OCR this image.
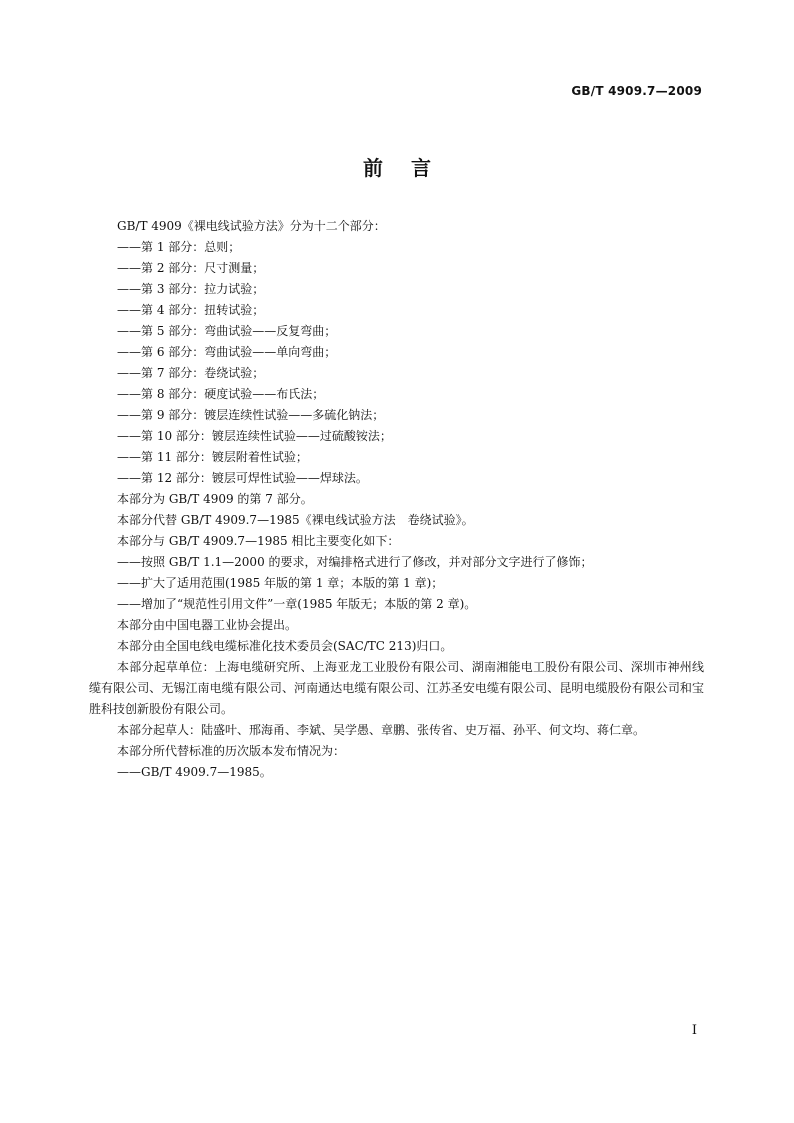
GB/T 4909.7—2009
前言
GB/T 4909《裸电线试验方法》分为十二个部分：
——第 1 部分：总则；
——第 2 部分：尺寸测量；
——第 3 部分：拉力试验；
——第 4 部分：扭转试验；
——第 5 部分：弯曲试验——反复弯曲；
——第 6 部分：弯曲试验——单向弯曲；
——第 7 部分：卷绕试验；
——第 8 部分：硬度试验——布氏法；
——第 9 部分：镀层连续性试验——多硫化钠法；
——第 10 部分：镀层连续性试验——过硫酸铵法；
——第 11 部分：镀层附着性试验；
——第 12 部分：镀层可焊性试验——焊球法。
本部分为 GB/T 4909 的第 7 部分。
本部分代替 GB/T 4909.7—1985《裸电线试验方法　卷绕试验》。
本部分与 GB/T 4909.7—1985 相比主要变化如下：
——按照 GB/T 1.1—2000 的要求，对编排格式进行了修改，并对部分文字进行了修饰；
——扩大了适用范围(1985 年版的第 1 章；本版的第 1 章)；
——增加了“规范性引用文件”一章(1985 年版无；本版的第 2 章)。
本部分由中国电器工业协会提出。
本部分由全国电线电缆标准化技术委员会(SAC/TC 213)归口。
本部分起草单位：上海电缆研究所、上海亚龙工业股份有限公司、湖南湘能电工股份有限公司、深圳市神州线缆有限公司、无锡江南电缆有限公司、河南通达电缆有限公司、江苏圣安电缆有限公司、昆明电缆股份有限公司和宝胜科技创新股份有限公司。
本部分起草人：陆盛叶、邢海甬、李斌、吴学愚、章鹏、张传省、史万福、孙平、何文均、蒋仁章。
本部分所代替标准的历次版本发布情况为：
——GB/T 4909.7—1985。
I
